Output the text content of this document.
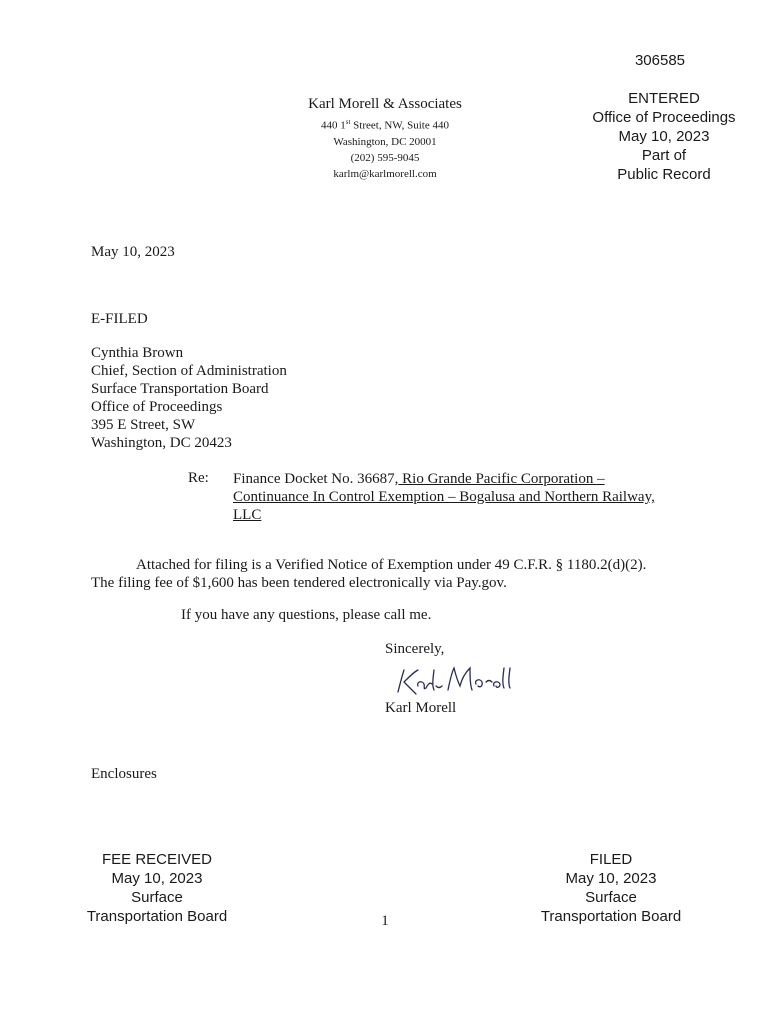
306585
Karl Morell & Associates
440 1st Street, NW, Suite 440
Washington, DC 20001
(202) 595-9045
karlm@karlmorell.com
ENTERED
Office of Proceedings
May 10, 2023
Part of
Public Record
May 10, 2023
E-FILED
Cynthia Brown
Chief, Section of Administration
Surface Transportation Board
Office of Proceedings
395 E Street, SW
Washington, DC 20423
Re: Finance Docket No. 36687, Rio Grande Pacific Corporation –
Continuance In Control Exemption – Bogalusa and Northern Railway,
LLC
Attached for filing is a Verified Notice of Exemption under 49 C.F.R. § 1180.2(d)(2).
The filing fee of $1,600 has been tendered electronically via Pay.gov.
If you have any questions, please call me.
Sincerely,
Karl Morell
Enclosures
FEE RECEIVED
May 10, 2023
Surface
Transportation Board	1
FILED
May 10, 2023
Surface
Transportation Board
